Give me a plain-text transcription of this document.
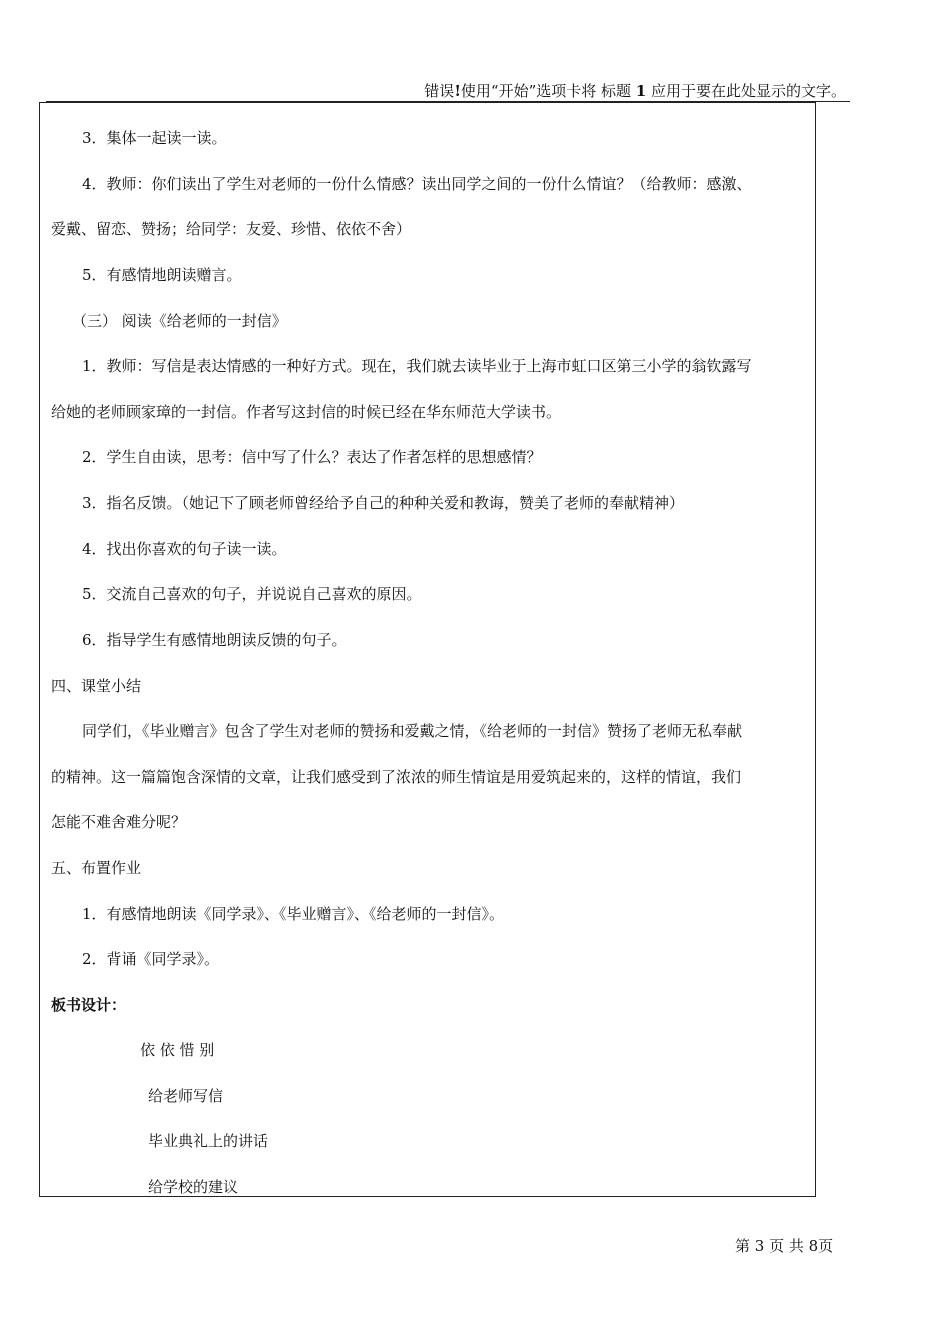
错误!使用“开始”选项卡将 标题 1 应用于要在此处显示的文字。
3．集体一起读一读。
4．教师：你们读出了学生对老师的一份什么情感？读出同学之间的一份什么情谊？（给教师：感激、
爱戴、留恋、赞扬；给同学：友爱、珍惜、依依不舍）
5．有感情地朗读赠言。
（三） 阅读《给老师的一封信》
1．教师：写信是表达情感的一种好方式。现在，我们就去读毕业于上海市虹口区第三小学的翁钦露写
给她的老师顾家璋的一封信。作者写这封信的时候已经在华东师范大学读书。
2．学生自由读，思考：信中写了什么？表达了作者怎样的思想感情？
3．指名反馈。（她记下了顾老师曾经给予自己的种种关爱和教诲，赞美了老师的奉献精神）
4．找出你喜欢的句子读一读。
5．交流自己喜欢的句子，并说说自己喜欢的原因。
6．指导学生有感情地朗读反馈的句子。
四、课堂小结
同学们，《毕业赠言》包含了学生对老师的赞扬和爱戴之情，《给老师的一封信》赞扬了老师无私奉献
的精神。这一篇篇饱含深情的文章，让我们感受到了浓浓的师生情谊是用爱筑起来的，这样的情谊，我们
怎能不难舍难分呢？
五、布置作业
1．有感情地朗读《同学录》、《毕业赠言》、《给老师的一封信》。
2．背诵《同学录》。
板书设计：
依 依 惜 别
给老师写信
毕业典礼上的讲话
给学校的建议
第 3 页 共 8页
